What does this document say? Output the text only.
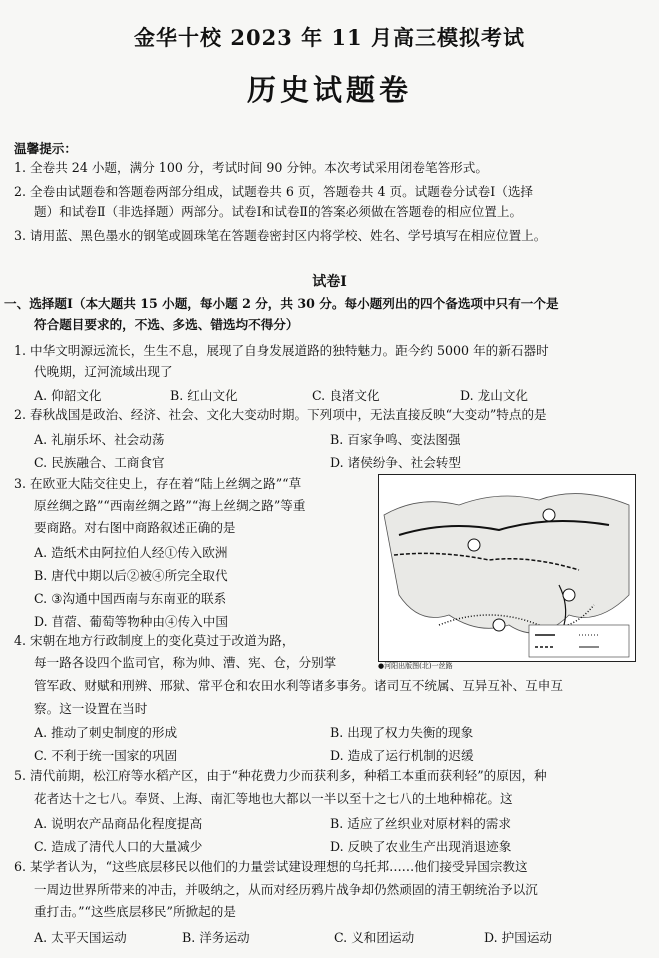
金华十校 2023 年 11 月高三模拟考试
历史试题卷
温馨提示：
1. 全卷共 24 小题，满分 100 分，考试时间 90 分钟。本次考试采用闭卷笔答形式。
2. 全卷由试题卷和答题卷两部分组成，试题卷共 6 页，答题卷共 4 页。试题卷分试卷Ⅰ（选择
题）和试卷Ⅱ（非选择题）两部分。试卷Ⅰ和试卷Ⅱ的答案必须做在答题卷的相应位置上。
3. 请用蓝、黑色墨水的钢笔或圆珠笔在答题卷密封区内将学校、姓名、学号填写在相应位置上。
试卷Ⅰ
一、选择题Ⅰ（本大题共 15 小题，每小题 2 分，共 30 分。每小题列出的四个备选项中只有一个是
符合题目要求的，不选、多选、错选均不得分）
1. 中华文明源远流长，生生不息，展现了自身发展道路的独特魅力。距今约 5000 年的新石器时
代晚期，辽河流域出现了
A. 仰韶文化	B. 红山文化	C. 良渚文化	D. 龙山文化
2. 春秋战国是政治、经济、社会、文化大变动时期。下列项中，无法直接反映“大变动”特点的是
A. 礼崩乐坏、社会动荡	B. 百家争鸣、变法图强
C. 民族融合、工商食官	D. 诸侯纷争、社会转型
3. 在欧亚大陆交往史上，存在着“陆上丝绸之路”“草
原丝绸之路”“西南丝绸之路”“海上丝绸之路”等重
要商路。对右图中商路叙述正确的是
A. 造纸术由阿拉伯人经①传入欧洲
B. 唐代中期以后②被④所完全取代
C. ③沟通中国西南与东南亚的联系
D. 苜蓿、葡萄等物种由④传入中国
●河阳出版图(北)一丝路
4. 宋朝在地方行政制度上的变化莫过于改道为路，
每一路各设四个监司官，称为帅、漕、宪、仓，分别掌
管军政、财赋和刑辨、邢狱、常平仓和农田水利等诸多事务。诸司互不统属、互异互补、互申互
察。这一设置在当时
A. 推动了刺史制度的形成	B. 出现了权力失衡的现象
C. 不利于统一国家的巩固	D. 造成了运行机制的迟缓
5. 清代前期，松江府等水稻产区，由于“种花费力少而获利多，种稻工本重而获利轻”的原因，种
花者达十之七八。奉贤、上海、南汇等地也大都以一半以至十之七八的土地种棉花。这
A. 说明农产品商品化程度提高	B. 适应了丝织业对原材料的需求
C. 造成了清代人口的大量减少	D. 反映了农业生产出现消退迹象
6. 某学者认为，“这些底层移民以他们的力量尝试建设理想的乌托邦……他们接受异国宗教这
一周边世界所带来的冲击，并吸纳之，从而对经历鸦片战争却仍然顽固的清王朝统治予以沉
重打击。”“这些底层移民”所掀起的是
A. 太平天国运动	B. 洋务运动	C. 义和团运动	D. 护国运动
